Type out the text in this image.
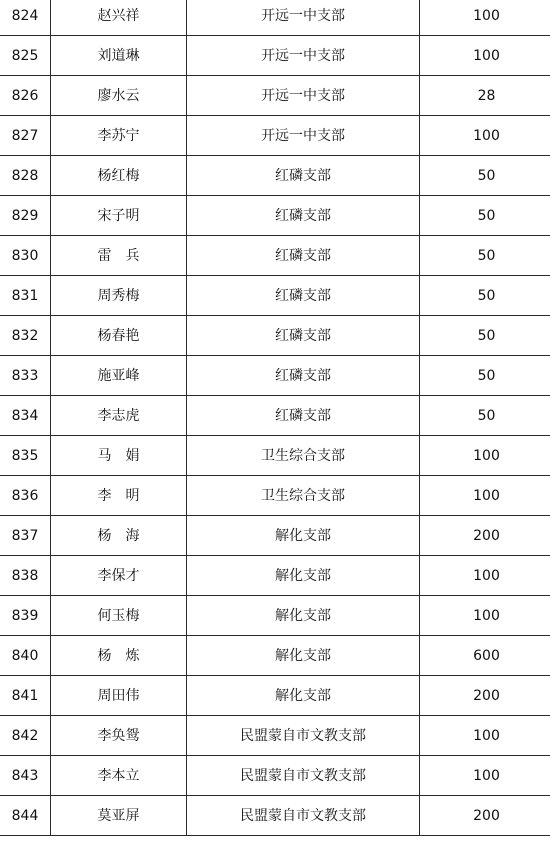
824	赵兴祥	开远一中支部	100
825	刘道琳	开远一中支部	100
826	廖水云	开远一中支部	28
827	李苏宁	开远一中支部	100
828	杨红梅	红磷支部	50
829	宋子明	红磷支部	50
830	雷　兵	红磷支部	50
831	周秀梅	红磷支部	50
832	杨春艳	红磷支部	50
833	施亚峰	红磷支部	50
834	李志虎	红磷支部	50
835	马　娟	卫生综合支部	100
836	李　明	卫生综合支部	100
837	杨　海	解化支部	200
838	李保才	解化支部	100
839	何玉梅	解化支部	100
840	杨　炼	解化支部	600
841	周田伟	解化支部	200
842	李奂鸳	民盟蒙自市文教支部	100
843	李本立	民盟蒙自市文教支部	100
844	莫亚屏	民盟蒙自市文教支部	200
